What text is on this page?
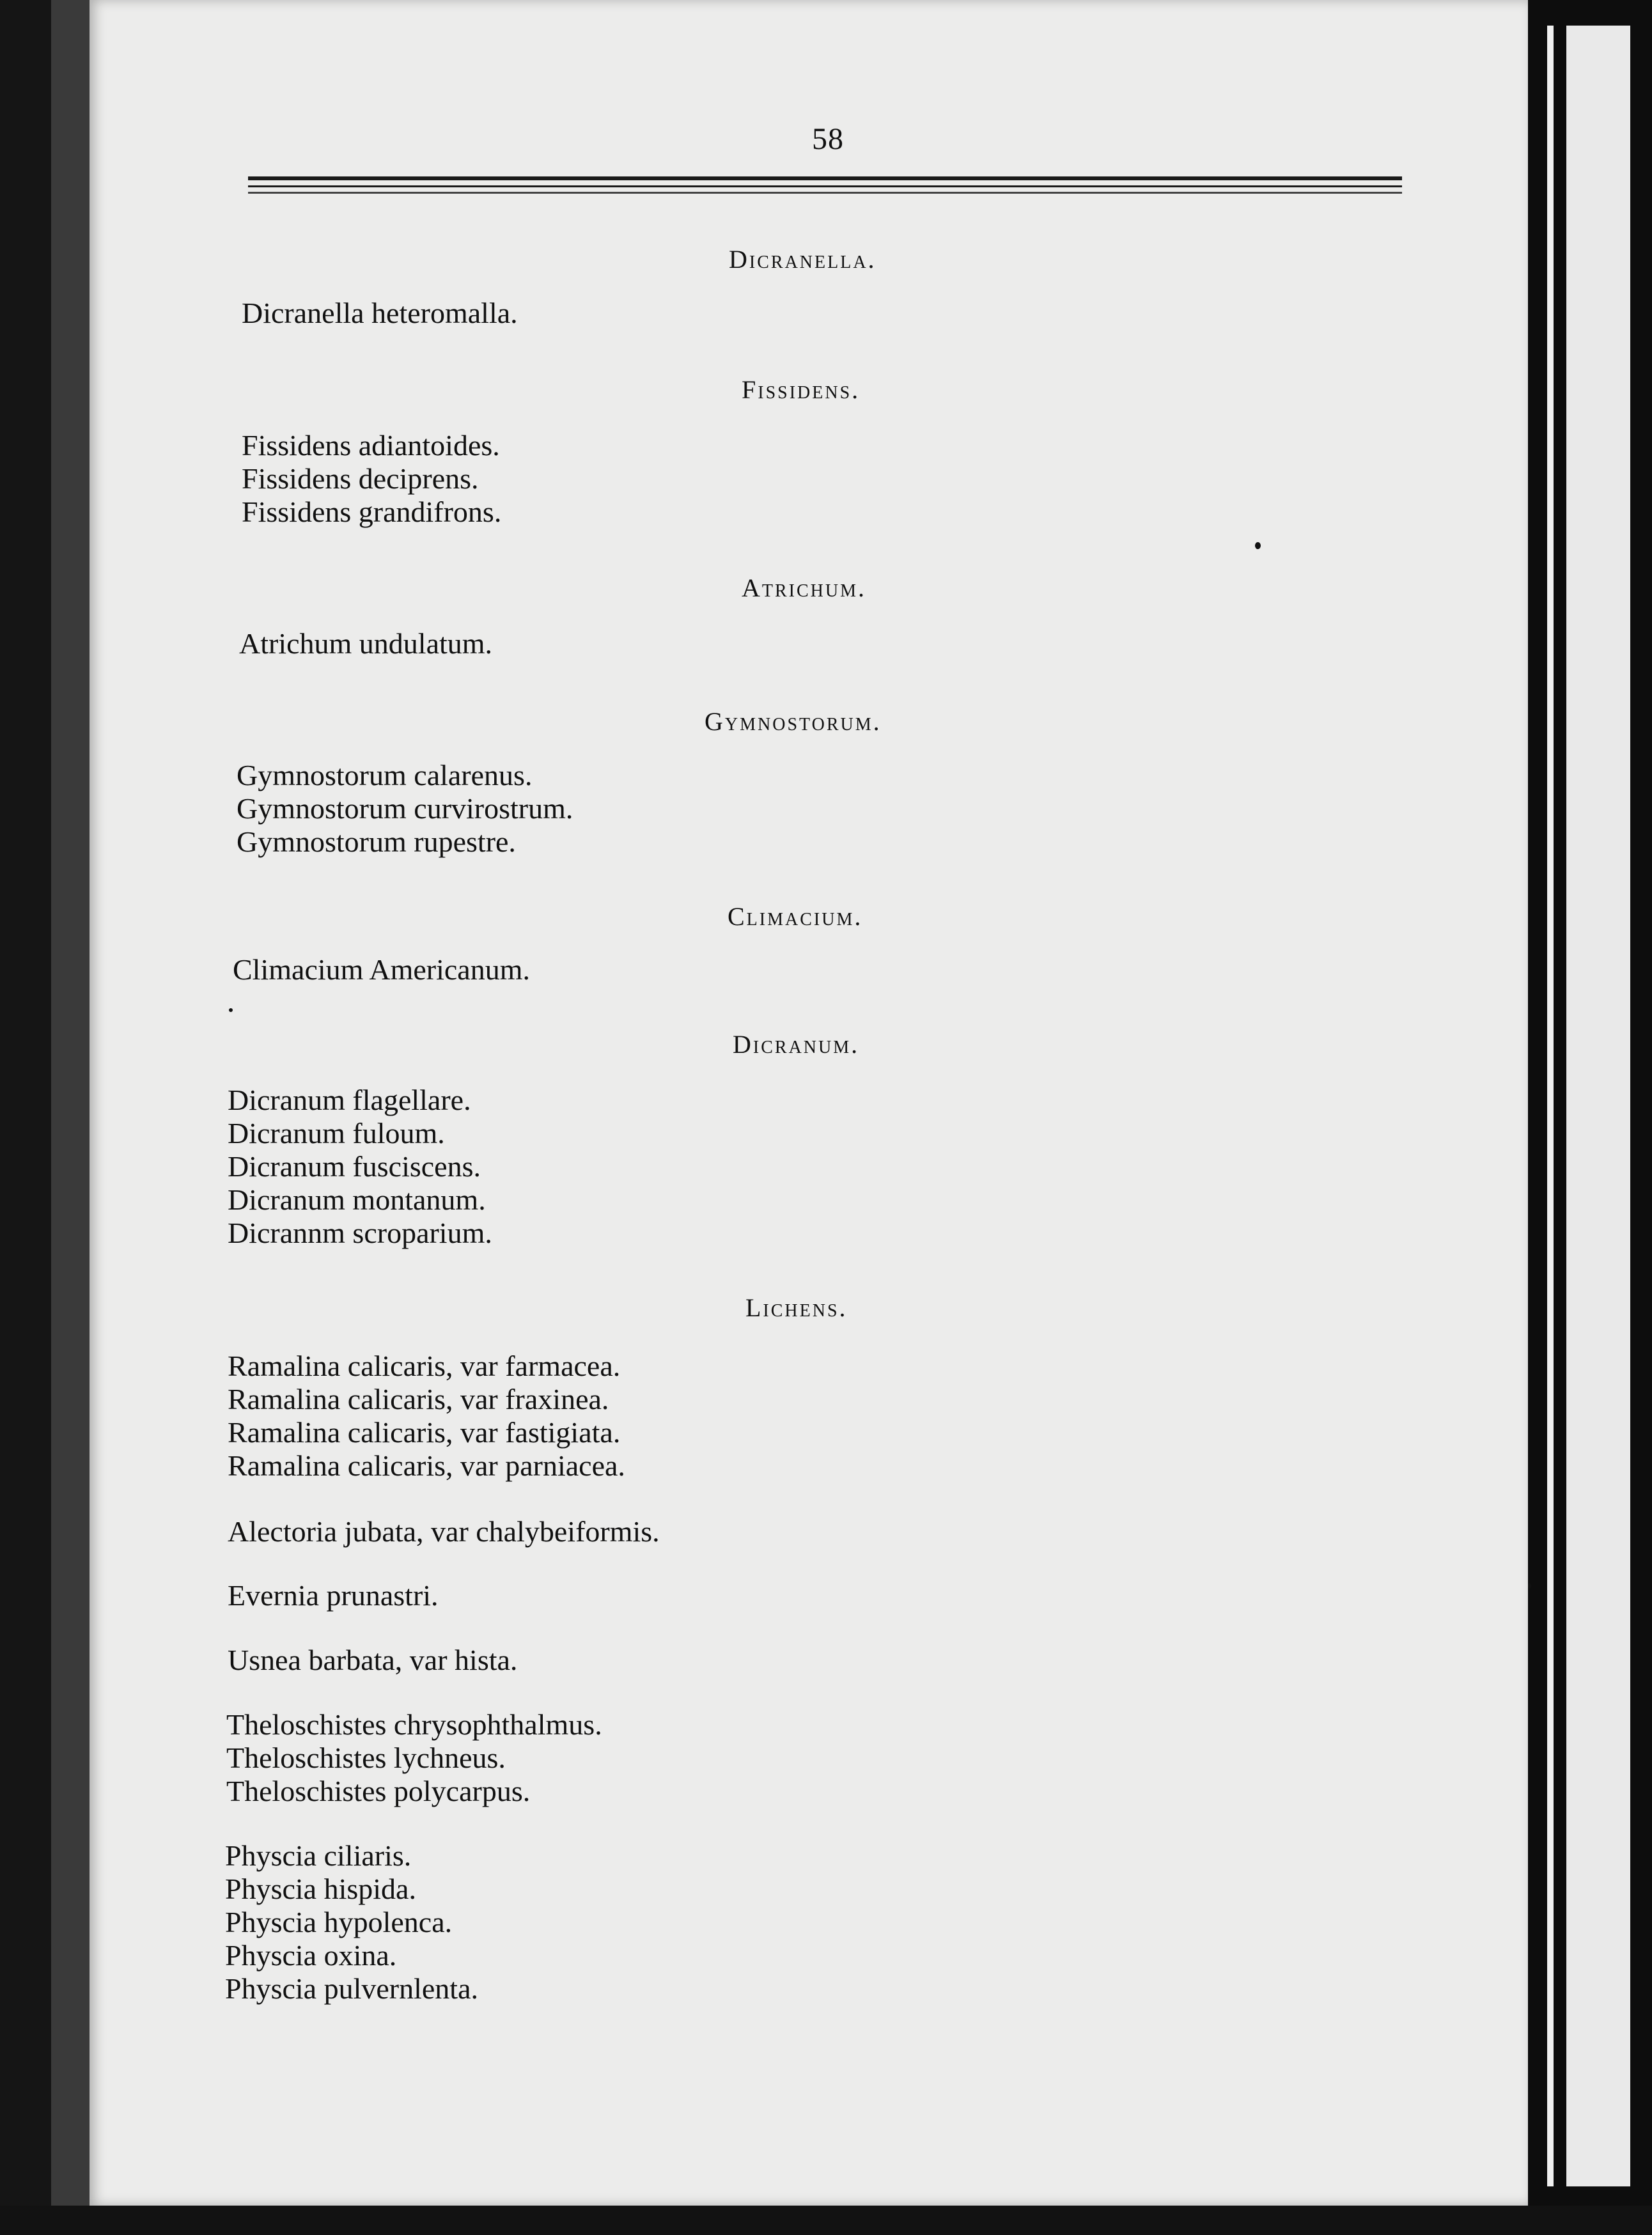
58
Dicranella.
Dicranella heteromalla.
Fissidens.
Fissidens adiantoides.
Fissidens deciprens.
Fissidens grandifrons.
Atrichum.
Atrichum undulatum.
Gymnostorum.
Gymnostorum calarenus.
Gymnostorum curvirostrum.
Gymnostorum rupestre.
Climacium.
Climacium Americanum.
Dicranum.
Dicranum flagellare.
Dicranum fuloum.
Dicranum fusciscens.
Dicranum montanum.
Dicrannm scroparium.
Lichens.
Ramalina calicaris, var farmacea.
Ramalina calicaris, var fraxinea.
Ramalina calicaris, var fastigiata.
Ramalina calicaris, var parniacea.
Alectoria jubata, var chalybeiformis.
Evernia prunastri.
Usnea barbata, var hista.
Theloschistes chrysophthalmus.
Theloschistes lychneus.
Theloschistes polycarpus.
Physcia ciliaris.
Physcia hispida.
Physcia hypolenca.
Physcia oxina.
Physcia pulvernlenta.
